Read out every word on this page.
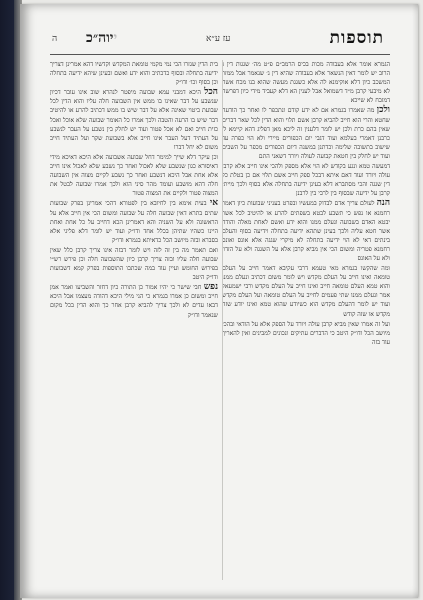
תוספות
עז ע״א
ייוה״כ
ה

הגמרא אומר אלא בעבודה מכות בכיס הרמב״ם פ״ט מה׳ שגגות דין ג הרוב יש לומר דאין הנשאר אלא בעבודה שהיא דין ג׳ שנאמר אבל ממזר המשכב כיון דלא אוקימנא לה אלא כשגגת מעשה שהוא בנו מכח אשה לא מיבעי קרבן מ״ד דשמואל אבל לענין הא דלא קעביד מידי כיון דפרשה דמזבח לא שייכא

ולכן מה שאמרו בגמרא אם לא ידע קודם ונתכפר לו ואחר כך הודעה שחטא והרי הוא חייב להביא קרבן אשם תלוי והוא הדין לכל שאר דברים שאין בהם כרת ולכן יש לומר דלענין זה ליכא מאן דפליג דהא קיימא לן כרבנן דאמרי בעלמא ועוד דגבי יום הכפורים מיירי ולא הוי כפרה עד שישוב בתשובה שלימה וכדתנן במשנה דיום הכפורים מכפר על השבים ועוד יש לחלק בין חטאת קבועה לעולה ויורד דשאני התם

דמעשה טמא ונגע בקודש לא הוי אלא מספק ולהכי אינו חייב אלא קרבן עולה ויורד ועוד דאם איתא דבכל ספק חייב אשם תלוי אם כן בטלת כל דין שגגה והכי מסתברא דלא בעינן ידיעה בתחלה אלא בסוף ולכך מייתי קרבן על ידיעה שבסוף בין לרבי בין לרבנן

הנה לעולם צריך אדם לבדוק במעשיו ובפרט בעניני שבועות כיון דאמר רחמנא או נפש כי תשבע לבטא בשפתים להרע או להיטיב לכל אשר יבטא האדם בשבועה ונעלם ממנו והוא ידע ואשם לאחת מאלה והודה אשר חטא עליה ולכך בעינן שתהא ידיעה בתחלה וידיעה בסוף והעלם בינתים דאי לא הוי ידיעה בתחלה לא מיקרי שגגה אלא אונס ואונס רחמנא פטריה ומשום הכי אין מביא קרבן אלא על השגגה ולא על הזדון ולא על האונס

ומה שהקשו בגמרא מאי טעמא דרבי עקיבא דאמר חייב על העלם טומאה ואינו חייב על העלם מקדש ויש לומר משום דכתיב ונעלם ממנו והוא טמא העלם טומאה חייב ואינו חייב על העלם מקדש ורבי ישמעאל אמר ונעלם ממנו שתי פעמים לחייב על העלם טומאה ועל העלם מקדש ועוד יש לומר דהעלם מקדש הוא כשיודע שהוא טמא ואינו יודע שזה מקדש או שזה קודש

ועל זה אמרו שאין מביא קרבן עולה ויורד על הספק אלא על הודאי ובהכי מיושב הכל ודו״ק היטב כי הדברים עתיקים ונכונים למבינים ואין להאריך עוד בזה

בית הדין שגזרו הכי נמי מקמי טומאת המקדש וקדשיו דהא אמרינן דצריך ידיעה בתחלה ובסוף כדכתיב והוא ידע ואשם ובעינן שיהא ידיעה בתחלה וכן בסוף וכו׳ ודו״ק

הכל היכא דמבני עמא שבועה מיפטר לנהרא שוב אינו עובר דכיון שנשבע על דבר שאינו בו ממש אין השבועה חלה עליו והוא הדין לכל שבועת ביטוי שאינה אלא על דבר שיש בו ממש דכתיב להרע או להיטיב דבר שיש בו הרעה והטבה ולכך אמרו כל האומר שבועה שלא אוכל ואכל כזית חייב ואם לא אכל פטור ועוד יש לחלק בין נשבע על העבר לנשבע על העתיד דעל העבר אינו חייב אלא בשבועת שקר ועל העתיד חייב משום לא יחל דברו

וכן עיקר דלא שייך למימר דחל שבועה אשבועה אלא היכא דאיכא מידי דאיסורא כגון שנשבע שלא לאכול ואחר כך נשבע שלא לאכול אינו חייב אלא אחת אבל היכא דנשבע ואחר כך נשבע לקיים מצוה אין השבועה חלה דהא מושבע ועומד מהר סיני הוא ולכך אמרו שבועה לבטל את המצוה פטור ולקיים את המצוה פטור

אי בעית אימא בין לחיובא בין לפטורא דהכי אמרינן בפרק שבועות שתים בתרא דאין שבועה חלה על שבועה ומשום הכי אין חייב אלא על הראשונה ולא על השניה והא דאמרינן הכא דחייב על כל אחת ואחת היינו כשהיו שתיהן בכלל אחד ודו״ק ועוד יש לומר דלא פליגי אלא בסברא ובזה מיושב הכל כדאיתא בגמרא ודו״ק

ואם תאמר מה בין זה לזה ויש לומר דבזה אינו צריך קרבן כלל שאין שבועה חלה עליו ובזה צריך קרבן כיון שהשבועה חלה וכן פירש רש״י בפירוש החומש ועיין עוד במה שכתבו התוספות בפרק קמא דשבועות ודו״ק היטב

נפש חבי שישר כי יהיו אמור כן התורה כיון דחזר והשביעו ואמר אמן חייב ומשום כן אמרו בגמרא כי הני מילי היכא דהודה מעצמו אבל היכא דבאו עדים לא ולכך צריך להביא קרבן אחר כך והוא הדין בכל מקום שנאמר ודו״ק
